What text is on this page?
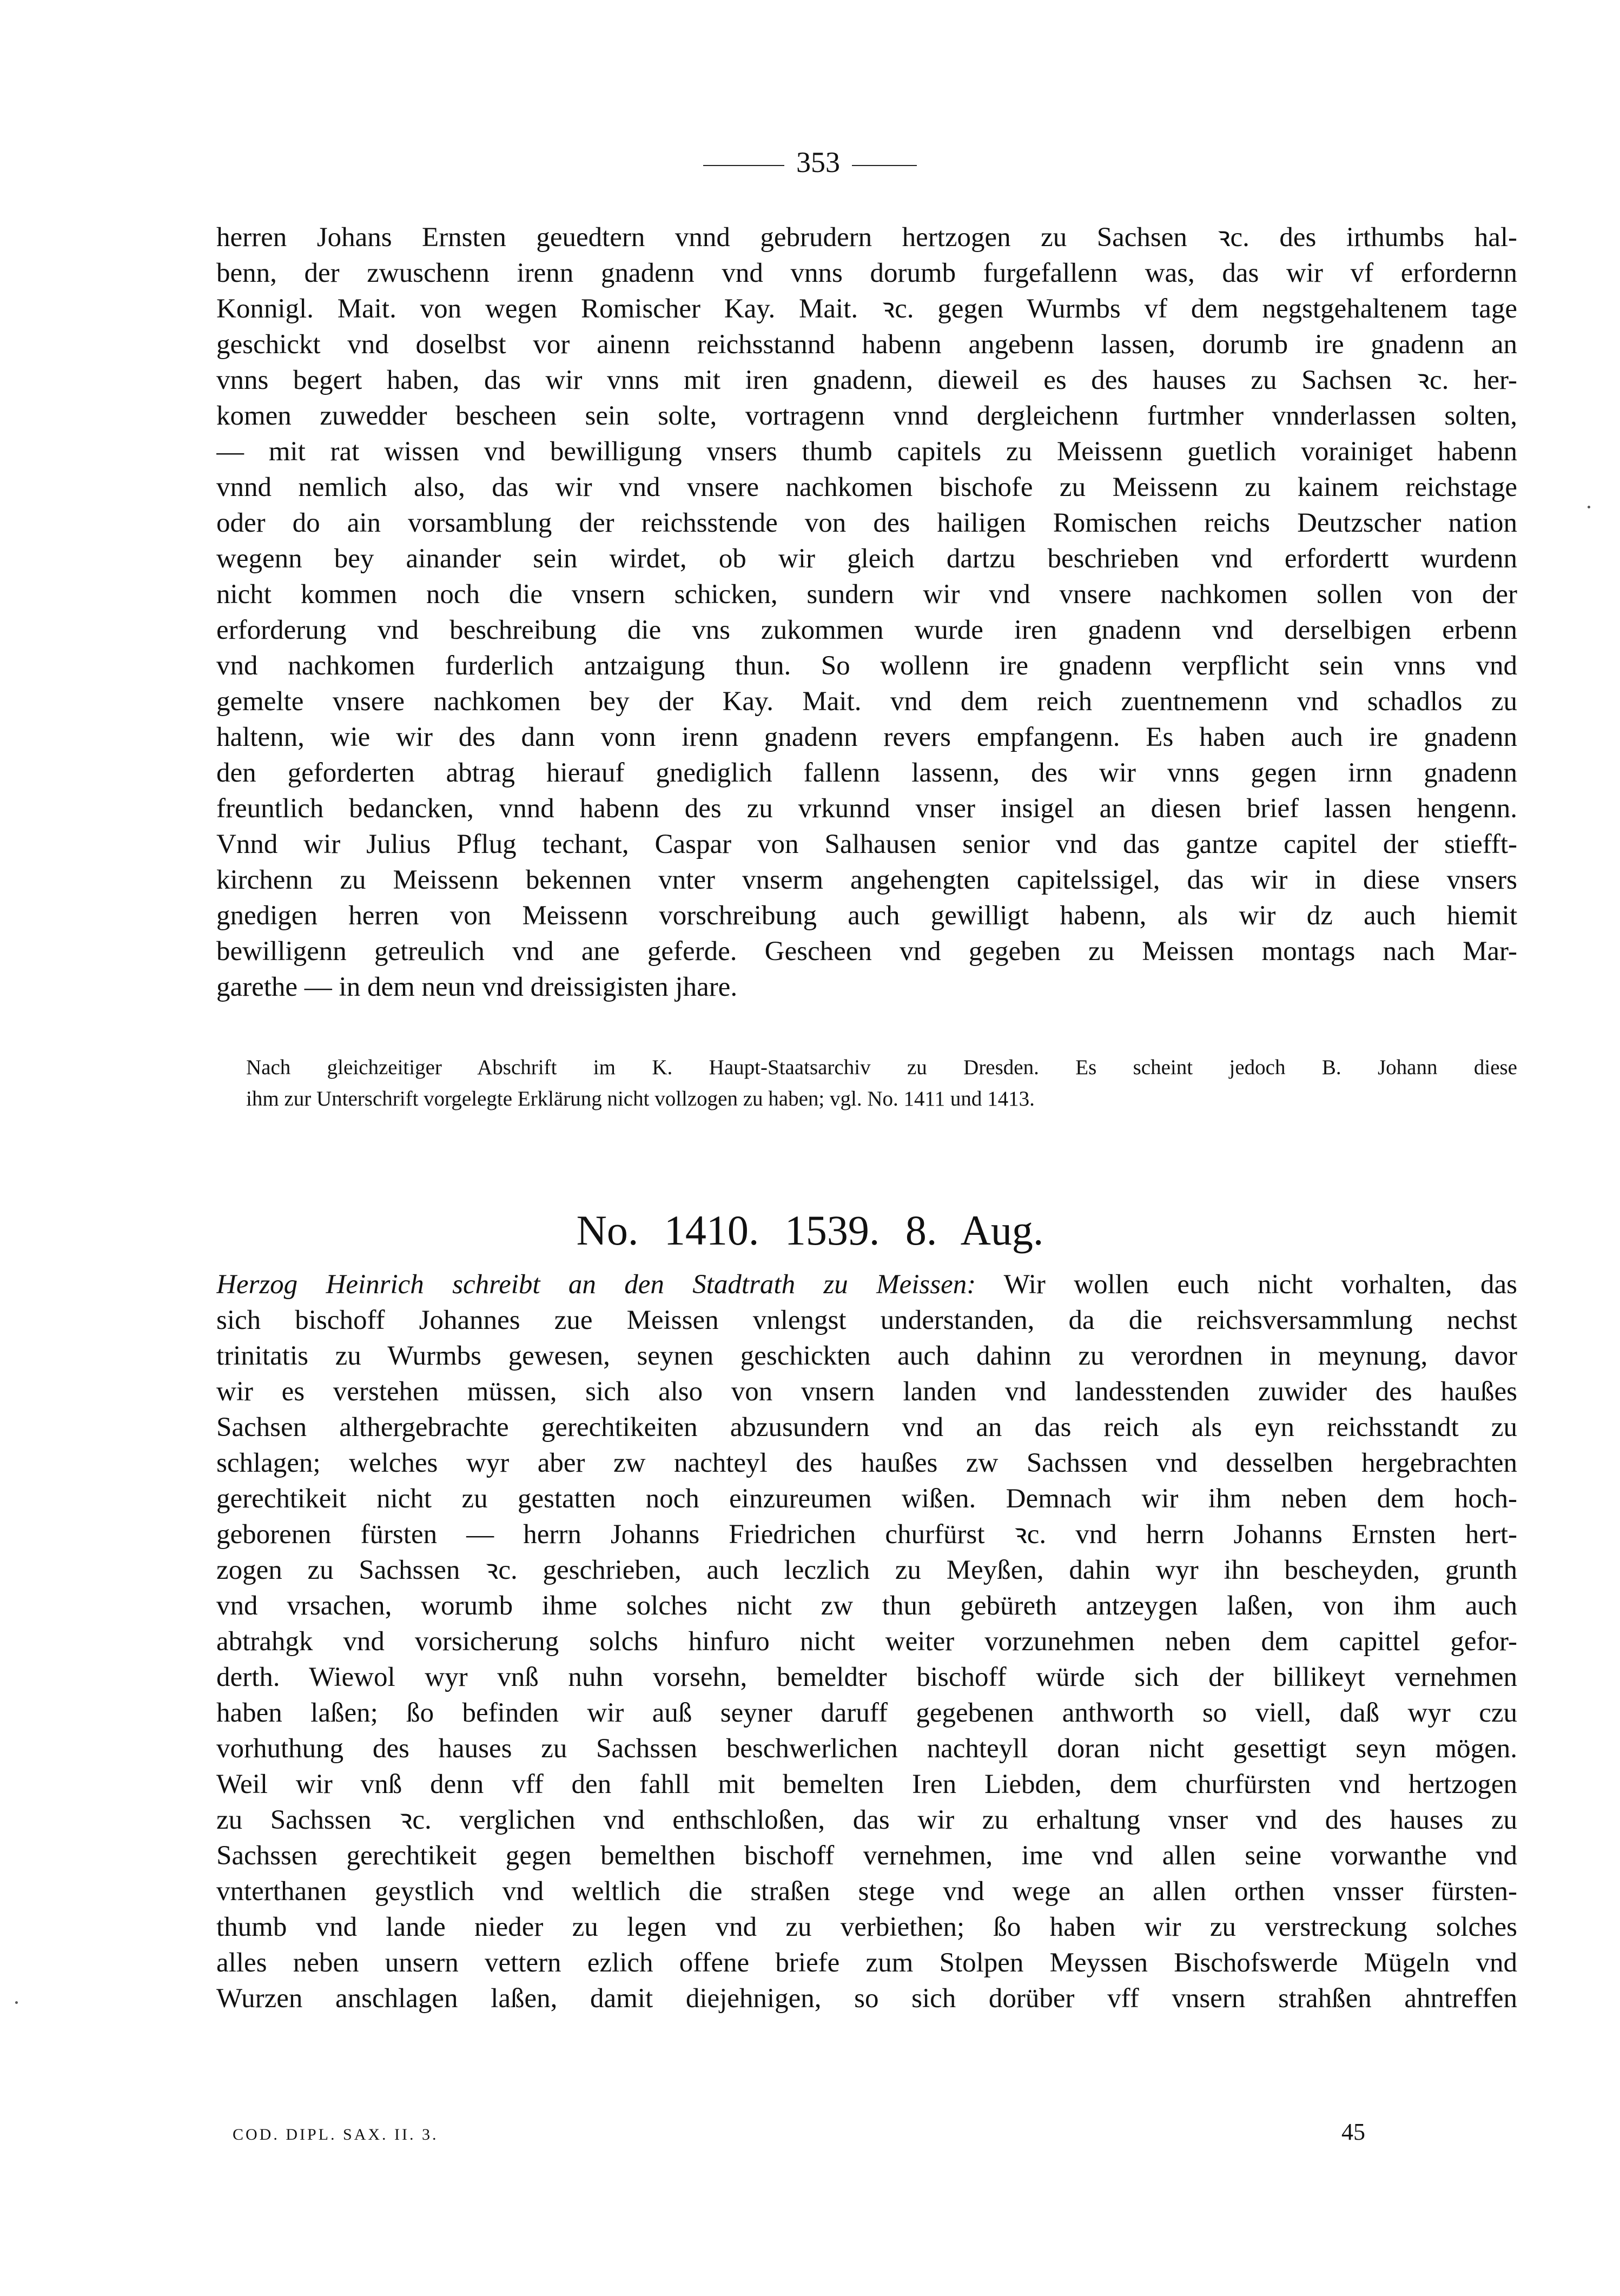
353
herren Johans Ernsten geuedtern vnnd gebrudern hertzogen zu Sachsen ꝛc. des irthumbs hal-
benn, der zwuschenn irenn gnadenn vnd vnns dorumb furgefallenn was, das wir vf erfordernn
Konnigl. Mait. von wegen Romischer Kay. Mait. ꝛc. gegen Wurmbs vf dem negstgehaltenem tage
geschickt vnd doselbst vor ainenn reichsstannd habenn angebenn lassen, dorumb ire gnadenn an
vnns begert haben, das wir vnns mit iren gnadenn, dieweil es des hauses zu Sachsen ꝛc. her-
komen zuwedder bescheen sein solte, vortragenn vnnd dergleichenn furtmher vnnderlassen solten,
— mit rat wissen vnd bewilligung vnsers thumb capitels zu Meissenn guetlich vorainiget habenn
vnnd nemlich also, das wir vnd vnsere nachkomen bischofe zu Meissenn zu kainem reichstage
oder do ain vorsamblung der reichsstende von des hailigen Romischen reichs Deutzscher nation
wegenn bey ainander sein wirdet, ob wir gleich dartzu beschrieben vnd erfordertt wurdenn
nicht kommen noch die vnsern schicken, sundern wir vnd vnsere nachkomen sollen von der
erforderung vnd beschreibung die vns zukommen wurde iren gnadenn vnd derselbigen erbenn
vnd nachkomen furderlich antzaigung thun. So wollenn ire gnadenn verpflicht sein vnns vnd
gemelte vnsere nachkomen bey der Kay. Mait. vnd dem reich zuentnemenn vnd schadlos zu
haltenn, wie wir des dann vonn irenn gnadenn revers empfangenn. Es haben auch ire gnadenn
den geforderten abtrag hierauf gnediglich fallenn lassenn, des wir vnns gegen irnn gnadenn
freuntlich bedancken, vnnd habenn des zu vrkunnd vnser insigel an diesen brief lassen hengenn.
Vnnd wir Julius Pflug techant, Caspar von Salhausen senior vnd das gantze capitel der stiefft-
kirchenn zu Meissenn bekennen vnter vnserm angehengten capitelssigel, das wir in diese vnsers
gnedigen herren von Meissenn vorschreibung auch gewilligt habenn, als wir dz auch hiemit
bewilligenn getreulich vnd ane geferde. Gescheen vnd gegeben zu Meissen montags nach Mar-
garethe — in dem neun vnd dreissigisten jhare.
Nach gleichzeitiger Abschrift im K. Haupt-Staatsarchiv zu Dresden. Es scheint jedoch B. Johann diese
ihm zur Unterschrift vorgelegte Erklärung nicht vollzogen zu haben; vgl. No. 1411 und 1413.
No. 1410. 1539. 8. Aug.
Herzog Heinrich schreibt an den Stadtrath zu Meissen: Wir wollen euch nicht vorhalten, das
sich bischoff Johannes zue Meissen vnlengst understanden, da die reichsversammlung nechst
trinitatis zu Wurmbs gewesen, seynen geschickten auch dahinn zu verordnen in meynung, davor
wir es verstehen müssen, sich also von vnsern landen vnd landesstenden zuwider des haußes
Sachsen althergebrachte gerechtikeiten abzusundern vnd an das reich als eyn reichsstandt zu
schlagen; welches wyr aber zw nachteyl des haußes zw Sachssen vnd desselben hergebrachten
gerechtikeit nicht zu gestatten noch einzureumen wißen. Demnach wir ihm neben dem hoch-
geborenen fürsten — herrn Johanns Friedrichen churfürst ꝛc. vnd herrn Johanns Ernsten hert-
zogen zu Sachssen ꝛc. geschrieben, auch leczlich zu Meyßen, dahin wyr ihn bescheyden, grunth
vnd vrsachen, worumb ihme solches nicht zw thun gebüreth antzeygen laßen, von ihm auch
abtrahgk vnd vorsicherung solchs hinfuro nicht weiter vorzunehmen neben dem capittel gefor-
derth. Wiewol wyr vnß nuhn vorsehn, bemeldter bischoff würde sich der billikeyt vernehmen
haben laßen; ßo befinden wir auß seyner daruff gegebenen anthworth so viell, daß wyr czu
vorhuthung des hauses zu Sachssen beschwerlichen nachteyll doran nicht gesettigt seyn mögen.
Weil wir vnß denn vff den fahll mit bemelten Iren Liebden, dem churfürsten vnd hertzogen
zu Sachssen ꝛc. verglichen vnd enthschloßen, das wir zu erhaltung vnser vnd des hauses zu
Sachssen gerechtikeit gegen bemelthen bischoff vernehmen, ime vnd allen seine vorwanthe vnd
vnterthanen geystlich vnd weltlich die straßen stege vnd wege an allen orthen vnsser fürsten-
thumb vnd lande nieder zu legen vnd zu verbiethen; ßo haben wir zu verstreckung solches
alles neben unsern vettern ezlich offene briefe zum Stolpen Meyssen Bischofswerde Mügeln vnd
Wurzen anschlagen laßen, damit diejehnigen, so sich dorüber vff vnsern strahßen ahntreffen
COD. DIPL. SAX. II. 3.	45
